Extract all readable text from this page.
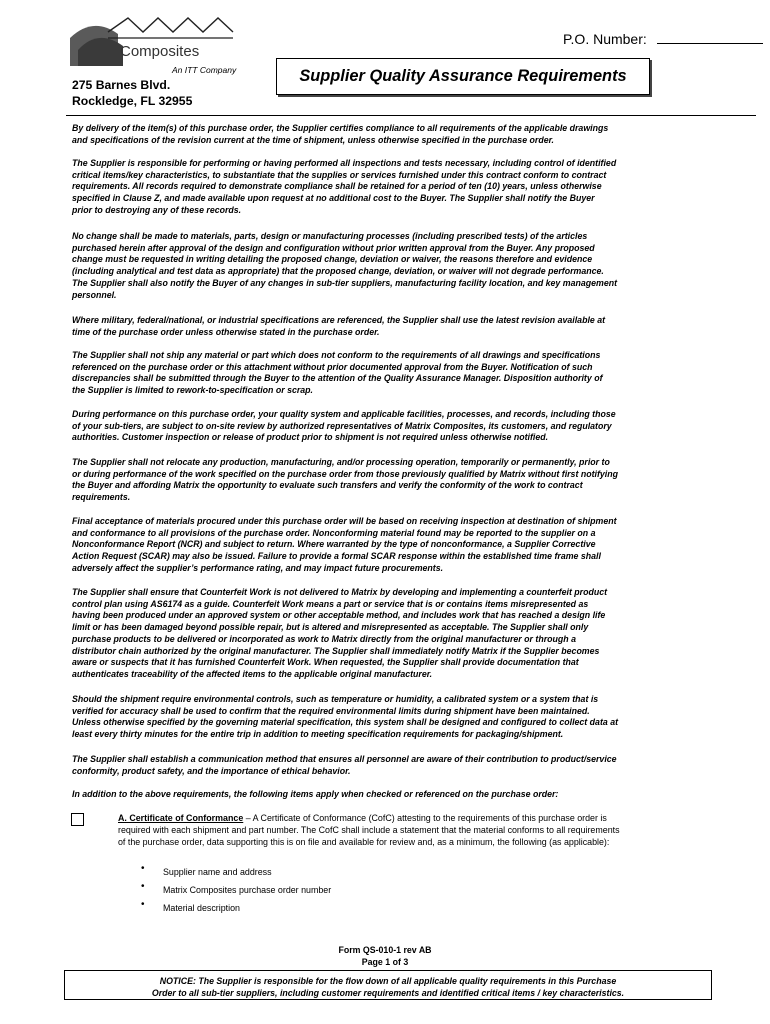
Composites
An ITT Company
P.O. Number:
275 Barnes Blvd.
Rockledge, FL 32955
Supplier Quality Assurance Requirements
By delivery of the item(s) of this purchase order, the Supplier certifies compliance to all requirements of the applicable drawings
and specifications of the revision current at the time of shipment, unless otherwise specified in the purchase order.
The Supplier is responsible for performing or having performed all inspections and tests necessary, including control of identified
critical items/key characteristics, to substantiate that the supplies or services furnished under this contract conform to contract
requirements. All records required to demonstrate compliance shall be retained for a period of ten (10) years, unless otherwise
specified in Clause Z, and made available upon request at no additional cost to the Buyer. The Supplier shall notify the Buyer
prior to destroying any of these records.
No change shall be made to materials, parts, design or manufacturing processes (including prescribed tests) of the articles
purchased herein after approval of the design and configuration without prior written approval from the Buyer. Any proposed
change must be requested in writing detailing the proposed change, deviation or waiver, the reasons therefore and evidence
(including analytical and test data as appropriate) that the proposed change, deviation, or waiver will not degrade performance.
The Supplier shall also notify the Buyer of any changes in sub-tier suppliers, manufacturing facility location, and key management
personnel.
Where military, federal/national, or industrial specifications are referenced, the Supplier shall use the latest revision available at
time of the purchase order unless otherwise stated in the purchase order.
The Supplier shall not ship any material or part which does not conform to the requirements of all drawings and specifications
referenced on the purchase order or this attachment without prior documented approval from the Buyer. Notification of such
discrepancies shall be submitted through the Buyer to the attention of the Quality Assurance Manager. Disposition authority of
the Supplier is limited to rework-to-specification or scrap.
During performance on this purchase order, your quality system and applicable facilities, processes, and records, including those
of your sub-tiers, are subject to on-site review by authorized representatives of Matrix Composites, its customers, and regulatory
authorities. Customer inspection or release of product prior to shipment is not required unless otherwise notified.
The Supplier shall not relocate any production, manufacturing, and/or processing operation, temporarily or permanently, prior to
or during performance of the work specified on the purchase order from those previously qualified by Matrix without first notifying
the Buyer and affording Matrix the opportunity to evaluate such transfers and verify the conformity of the work to contract
requirements.
Final acceptance of materials procured under this purchase order will be based on receiving inspection at destination of shipment
and conformance to all provisions of the purchase order. Nonconforming material found may be reported to the supplier on a
Nonconformance Report (NCR) and subject to return. Where warranted by the type of nonconformance, a Supplier Corrective
Action Request (SCAR) may also be issued. Failure to provide a formal SCAR response within the established time frame shall
adversely affect the supplier’s performance rating, and may impact future procurements.
The Supplier shall ensure that Counterfeit Work is not delivered to Matrix by developing and implementing a counterfeit product
control plan using AS6174 as a guide. Counterfeit Work means a part or service that is or contains items misrepresented as
having been produced under an approved system or other acceptable method, and includes work that has reached a design life
limit or has been damaged beyond possible repair, but is altered and misrepresented as acceptable. The Supplier shall only
purchase products to be delivered or incorporated as work to Matrix directly from the original manufacturer or through a
distributor chain authorized by the original manufacturer. The Supplier shall immediately notify Matrix if the Supplier becomes
aware or suspects that it has furnished Counterfeit Work. When requested, the Supplier shall provide documentation that
authenticates traceability of the affected items to the applicable original manufacturer.
Should the shipment require environmental controls, such as temperature or humidity, a calibrated system or a system that is
verified for accuracy shall be used to confirm that the required environmental limits during shipment have been maintained.
Unless otherwise specified by the governing material specification, this system shall be designed and configured to collect data at
least every thirty minutes for the entire trip in addition to meeting specification requirements for packaging/shipment.
The Supplier shall establish a communication method that ensures all personnel are aware of their contribution to product/service
conformity, product safety, and the importance of ethical behavior.
In addition to the above requirements, the following items apply when checked or referenced on the purchase order:
A. Certificate of Conformance – A Certificate of Conformance (CofC) attesting to the requirements of this purchase order is
required with each shipment and part number. The CofC shall include a statement that the material conforms to all requirements
of the purchase order, data supporting this is on file and available for review and, as a minimum, the following (as applicable):
• Supplier name and address
• Matrix Composites purchase order number
• Material description
Form QS-010-1 rev AB
Page 1 of 3
NOTICE: The Supplier is responsible for the flow down of all applicable quality requirements in this Purchase
Order to all sub-tier suppliers, including customer requirements and identified critical items / key characteristics.
